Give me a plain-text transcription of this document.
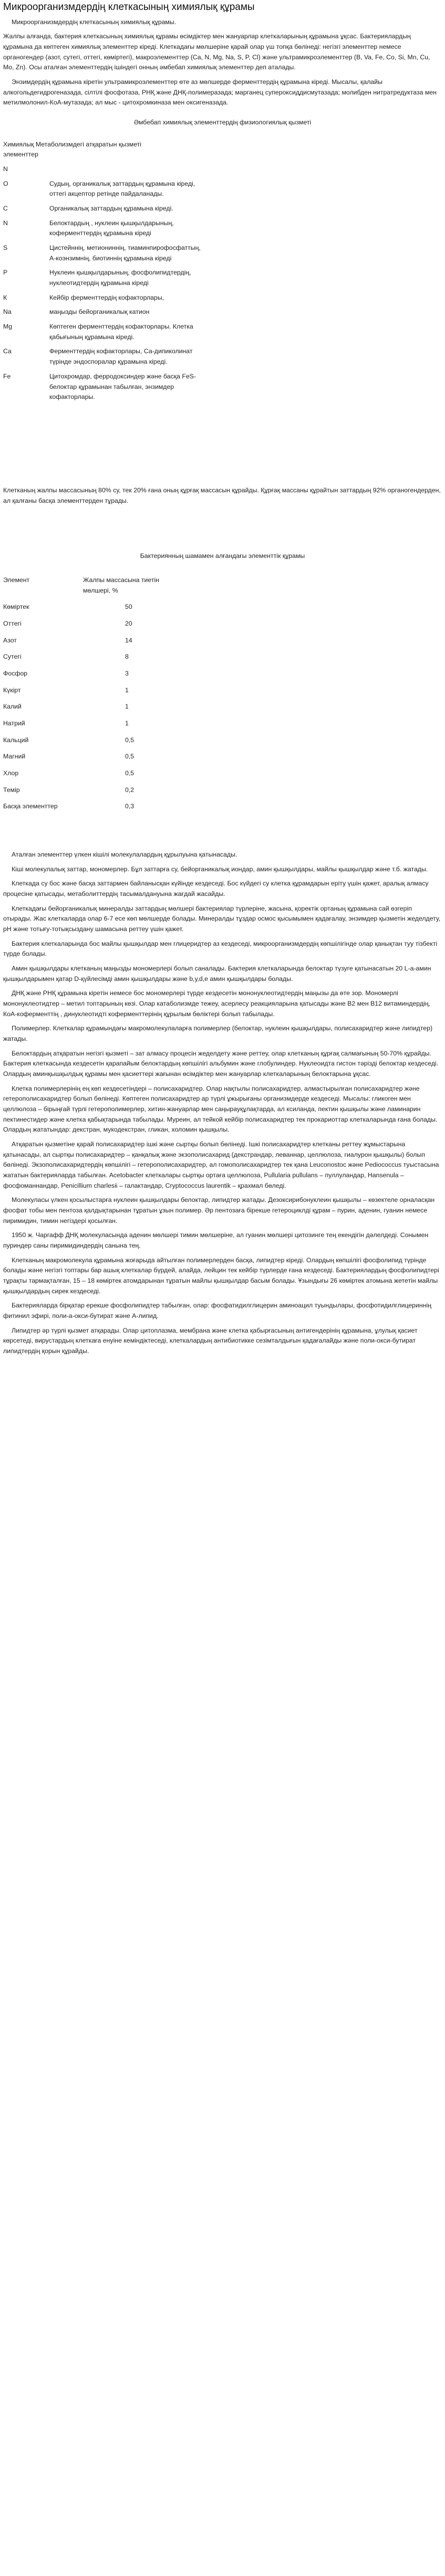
Микроорганизмдердің клеткасының химиялық құрамы

Микроорганизмдердің клеткасының химиялық құрамы.

Жалпы алғанда, бактерия клеткасының химиялық құрамы өсімдіктер мен жануарлар клеткаларының құрамына ұқсас. Бактериялардың құрамына да көптеген химиялық элементтер кіреді. Клеткадағы мөлшеріне қарай олар үш топқа бөлінеді: негізгі элементтер немесе органогендер (азот, сутегі, оттегі, көміртегі), макроэлементтер (Ca, N, Mg, Na, S, P, Cl) және ультрамикроэлементтер (B, Va, Fe, Co, Si, Mn, Cu, Mo, Zn). Осы аталған элементтердің ішіндегі онның әмбебап химиялық элементтер деп аталады.

Энзимдердің құрамына кіретін ультрамикроэлементтер өте аз мөлшерде ферменттердің құрамына кіреді. Мысалы, қалайы алкогольдегидрогеназада, сілтілі фосфотаза, РНҚ және ДНҚ-полимеразада; марганец супероксиддисмутазада; молибден нитратредуктаза мен метилмолонил-КоА-мутазада; ал мыс - цитохромкиназа мен оксигеназада.

Әмбебап химиялық элементтердің физиологиялық қызметі

Химиялық Метаболизмдегі атқаратын қызметі
элементтер
N
О	Судың, органикалық заттардың құрамына кіреді, оттегі акцептор ретінде пайдаланады.
С	Органикалық заттардың құрамына кіреді.
N	Белоктардың , нуклеин қышқылдарының, коферменттердің құрамына кіреді
S	Цистейннің, метиониннің, тиаминпирофосфаттың, А-коэнзимнің, биотиннің құрамына кіреді
P	Нуклеин қышқылдарының, фосфолипидтердің, нуклеотидтердің құрамына кіреді
К	Кейбір ферменттердің кофакторлары,
Na	маңызды бейорганикалық катион
Mg	Көптеген ферменттердің кофакторлары. Клетка қабығының құрамына кіреді.
Са	Ферменттердің кофакторлары, Са-дипиколинат түрінде эндоспоралар құрамына кіреді.
Fe	Цитохромдар, ферродоксиндер және басқа FeS-белоктар құрамынан табылған, энзимдер кофакторлары.

Клетканың жалпы массасының 80% су, тек 20% ғана оның құрғақ массасын құрайды. Құрғақ массаны құрайтын заттардың 92% органогендерден, ал қалғаны басқа элементтерден тұрады.

Бактериянның шамамен алғандағы элементтік құрамы

Элемент	Жалпы массасына тиетін
мөлшері, %
Көміртек	50
Оттегі	20
Азот	14
Сутегі	8
Фосфор	3
Күкірт	1
Калий	1
Натрий	1
Кальций	0,5
Магний	0,5
Хлор	0,5
Темір	0,2
Басқа элементтер	0,3

Аталған элементтер үлкен кішілі молекулалардың құрылуына қатынасады.

Кіші молекулалық заттар, мономерлер. Бұл заттарға су, бейорганикалық иондар, амин қышқылдары, майлы қышқылдар және т.б. жатады.

Клеткада су бос және басқа заттармен байланысқан күйінде кездеседі. Бос күйдегі су клетка құрамдарын еріту үшін қажет, аралық алмасу процесіне қатысады, метаболиттердің тасымалдануына жағдай жасайды.

Клеткадағы бейорганикалық минералды заттардың мөлшері бактериялар түрлеріне, жасына, қоректік ортаның құрамына сай өзгеріп отырады. Жас клеткаларда олар 6-7 есе көп мөлшерде болады. Минералды тұздар осмос қысымымен қадағалау, энзимдер қызметін жеделдету, рН және тотығу-тотықсыздану шамасына реттеу үшін қажет.

Бактерия клеткаларында бос майлы қышқылдар мен глицеридтер аз кездеседі, микроорганизмдердің көпшілігінде олар қанықтан туу тізбекті түрде болады.

Амин қышқылдары клетканың маңызды мономерлері болып саналады. Бактерия клеткаларында белоктар түзуге қатынасатын 20 L-а-амин қышқылдарымен қатар D-қүйлесімді амин қышқылдары және b,у,d,е амин қышқылдары болады.

ДНҚ және РНҚ құрамына кіретін немесе бос мономерлері түрде кездесетін мононуклеотидтердің маңызы да өте зор. Мономерлі мононуклеотидтер – метил топтарының көзі. Олар катаболизмде тежеу, асерлесу реакцияларына қатысады және В2 мен В12 витаминдердің, КоА-коферменттің , динуклеотидті коферменттерінің құрылым бөліктері болып табылады.

Полимерлер. Клеткалар құрамындағы макромолекулаларға полимерлер (белоктар, нуклеин қышқылдары, полисахаридтер және липидтер) жатады.

Белоктардың атқаратын негізгі қызметі – зат алмасу процесін жеделдету және реттеу, олар клетканың құрғақ салмағының 50-70% құрайды. Бактерия клеткасында кездесетін қарапайым белоктардың көпшілігі альбумин және глобулиндер. Нуклеоидта гистон тәрізді белоктар кездеседі. Олардың аминқышқылдық құрамы мен қасиеттері жағынан өсімдіктер мен жануарлар клеткаларының белоктарына ұқсас.

Клетка полимерлерінің ең көп кездесетіндері – полисахаридтер. Олар нақтылы полисахаридтер, алмастырылған полисахаридтер және гетерополисахаридтер болып бөлінеді. Көптеген полисахаридтер ар түрлі ұжырығаны организмдерде кездеседі. Мысалы: гликоген мен целлюлоза – бірыңғай түрлі гетерополимерлер, хитин-жануарлар мен саңырауқұлақтарда, ал ксиланда, пектин қышқылы және ламинарин пектинестидер және клетка қабықтарында табылады. Муреин, ал тейкой кейбір полисахаридтер тек прокариоттар клеткаларында ғана болады. Олардың жататындар: декстран, мукодекстран, гликан, холомин қышқылы.

Атқаратын қызметіне қарай полисахаридтер ішкі және сыртқы болып бөлінеді. Ішкі полисахаридтер клетканы реттеу жұмыстарына қатынасады, ал сыртқы полисахаридтер – қанқалық және экзополисахарид (декстрандар, леваннар, целлюлоза, гиалурон қышқылы) болып бөлінеді. Экзополисахаридтердің көпшілігі – гетерополисахаридтер, ал гомополисахаридтер тек қана Leuconostoc және Pediococcus туыстасына жататын бактерияларда табылған. Acetobacter клеткалары сыртқы ортаға целлюлоза, Pullularia pullulans – пуллуландар, Hansenula – фосфоманнандар, Penicillium charlesii – галактандар, Cryptococcus laurentik – қрахмал бөледі.

Молекуласы үлкен қосылыстарға нуклеин қышқылдары белоктар, липидтер жатады. Дезоксирибонуклеин қышқылы – көзектеле орналасқан фосфат тобы мен пентоза қалдықтарынан тұратын ұзын полимер. Әр пентозаға бірекше гетероциклді құрам – пурин, аденин, гуанин немесе пиримидин, тимин негіздері қосылған.

1950 ж. Чаргафф ДНҚ молекуласында аденин мөлшері тимин мөлшеріне, ал гуанин мөлшері цитозинге тең екендігін дәлелдеді. Сонымен пуриндер саны пиримидиндердің санына тең.

Клетканың макромолекула құрамына жоғарыда айтылған полимерлерден басқа, липидтер кіреді. Олардың көпшілігі фосфолипид түрінде болады және негізгі топтары бар ашық клеткалар бүрдей, алайда, лейцин тек кейбір түрлерде ғана кездеседі. Бактериялардың фосфолипидтері тұрақты тармақталған, 15 – 18 көміртек атомдарынан тұратын майлы қышқылдар басым болады. Ұзындығы 26 көміртек атомына жететін майлы қышқылдардың сирек кездеседі.

Бактерияларда бірқатар ерекше фосфолипидтер табылған, олар: фосфатидилглицерин аминоацил туындылары, фосфотидилглицериннің фитинил эфирі, поли-а-окси-бутират және А-липид.

Липидтер әр түрлі қызмет атқарады. Олар цитоплазма, мембрана және клетка қабырғасының антигендерінің құрамына, ұлулық қасиет көрсетеді, вирустардың клеткаға енуіне кеміндіктеседі, клеткалардың антибиотикке сезімталдығын қадағалайды және поли-окси-бутират липидтердің қорын құрайды.
